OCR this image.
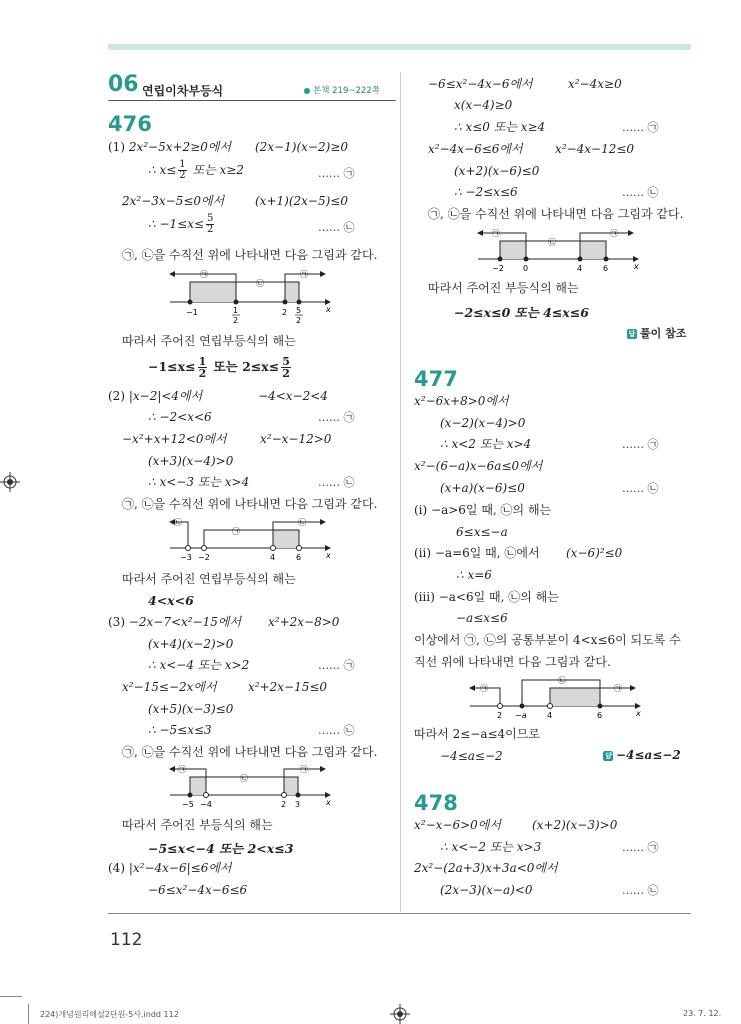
06 연립이차부등식	본책 219~222쪽
476
(1) 2x²−5x+2≥0에서 (2x−1)(x−2)≥0
∴ $x\le \frac{1}{2}$ 또는 x≥2	…… ㉠
2x²−3x−5≤0에서	(x+1)(2x−5)≤0
∴ $-1\le x\le \frac{5}{2}$	…… ㉡
㉠, ㉡을 수직선 위에 나타내면 다음 그림과 같다.
−1	1
2
2 5
2
x
㉠
㉡
㉠
따라서 주어진 연립부등식의 해는
$-1\le x\le \frac{1}{2}$ 또는 $2\le x\le \frac{5}{2}$
(2) |x−2|<4에서	−4<x−2<4
∴ −2<x<6	…… ㉠
−x²+x+12<0에서	x²−x−12>0
(x+3)(x−4)>0
∴ x<−3 또는 x>4	…… ㉡
㉠, ㉡을 수직선 위에 나타내면 다음 그림과 같다.
−3 −2	4	6	x
㉡
㉠
㉡
따라서 주어진 연립부등식의 해는
4<x<6
(3) −2x−7<x²−15에서 x²+2x−8>0
(x+4)(x−2)>0
∴ x<−4 또는 x>2	…… ㉠
x²−15≤−2x에서	x²+2x−15≤0
(x+5)(x−3)≤0
∴ −5≤x≤3	…… ㉡
㉠, ㉡을 수직선 위에 나타내면 다음 그림과 같다.
−5 −4	2 3	x
㉠
㉡
㉠
따라서 주어진 부등식의 해는
−5≤x<−4 또는 2<x≤3
(4) |x²−4x−6|≤6에서
−6≤x²−4x−6≤6
−6≤x²−4x−6에서	x²−4x≥0
x(x−4)≥0
∴ x≤0 또는 x≥4	…… ㉠
x²−4x−6≤6에서	x²−4x−12≤0
(x+2)(x−6)≤0
∴ −2≤x≤6	…… ㉡
㉠, ㉡을 수직선 위에 나타내면 다음 그림과 같다.
−2 0	4	6	x
㉡
㉠	㉠
따라서 주어진 부등식의 해는
−2≤x≤0 또는 4≤x≤6
답 풀이 참조
477
x²−6x+8>0에서
(x−2)(x−4)>0
∴ x<2 또는 x>4	…… ㉠
x²−(6−a)x−6a≤0에서
(x+a)(x−6)≤0	…… ㉡
(ⅰ) −a>6일 때, ㉡의 해는
6≤x≤−a
(ⅱ) −a=6일 때, ㉡에서 (x−6)²≤0
∴ x=6
(ⅲ) −a<6일 때, ㉡의 해는
−a≤x≤6
이상에서 ㉠, ㉡의 공통부분이 4<x≤6이 되도록 수
직선 위에 나타내면 다음 그림과 같다.
2 −a	4	6	x
㉠
㉡
㉠
따라서 2≤−a≤4이므로
−4≤a≤−2	답 −4≤a≤−2
478
x²−x−6>0에서	(x+2)(x−3)>0
∴ x<−2 또는 x>3	…… ㉠
2x²−(2a+3)x+3a<0에서
(2x−3)(x−a)<0	…… ㉡
112
224)개념원리해설2단원-5사.indd 112	23. 7. 12.
